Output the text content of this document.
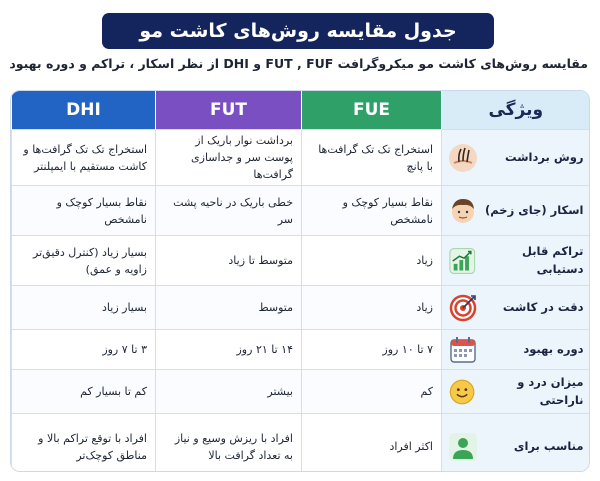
جدول مقایسه روش‌های کاشت مو
مقایسه روش‌های کاشت مو میکروگرافت FUT , FUF و DHI از نظر اسکار ، تراکم و دوره بهبود
ویژگی	FUE	FUT	DHI

روش برداشت	استخراج تک تک گرافت‌ها با پانچ	برداشت نوار باریک از پوست سر و جداسازی گرافت‌ها	استخراج تک تک گرافت‌ها و کاشت مستقیم با ایمپلنتر

اسکار (جای زخم)	نقاط بسیار کوچک و نامشخص	خطی باریک در ناحیه پشت سر	نقاط بسیار کوچک و نامشخص

تراکم قابل دستیابی	زیاد	متوسط تا زیاد	بسیار زیاد (کنترل دقیق‌تر زاویه و عمق)

دقت در کاشت	زیاد	متوسط	بسیار زیاد

دوره بهبود	۷ تا ۱۰ روز	۱۴ تا ۲۱ روز	۳ تا ۷ روز

میزان درد و ناراحتی	کم	بیشتر	کم تا بسیار کم

مناسب برای	اکثر افراد	افراد با ریزش وسیع و نیاز به تعداد گرافت بالا	افراد با توقع تراکم بالا و مناطق کوچک‌تر
